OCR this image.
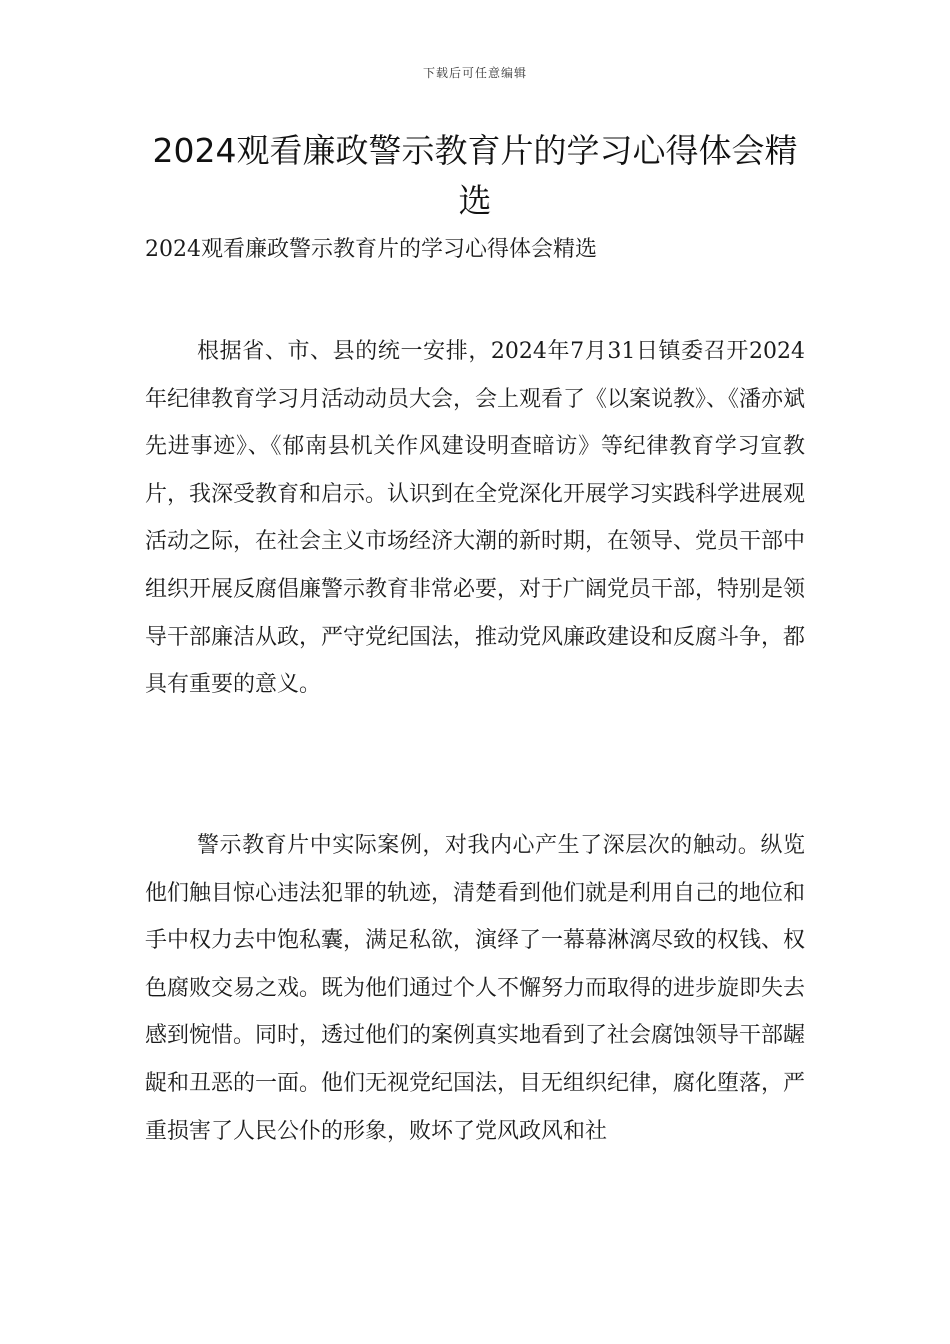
下载后可任意编辑
2024观看廉政警示教育片的学习心得体会精选

2024观看廉政警示教育片的学习心得体会精选

根据省、市、县的统一安排，2024年7月31日镇委召开2024年纪律教育学习月活动动员大会，会上观看了《以案说教》、《潘亦斌先进事迹》、《郁南县机关作风建设明查暗访》等纪律教育学习宣教片，我深受教育和启示。认识到在全党深化开展学习实践科学进展观活动之际，在社会主义市场经济大潮的新时期，在领导、党员干部中组织开展反腐倡廉警示教育非常必要，对于广阔党员干部，特别是领导干部廉洁从政，严守党纪国法，推动党风廉政建设和反腐斗争，都具有重要的意义。

警示教育片中实际案例，对我内心产生了深层次的触动。纵览他们触目惊心违法犯罪的轨迹，清楚看到他们就是利用自己的地位和手中权力去中饱私囊，满足私欲，演绎了一幕幕淋漓尽致的权钱、权色腐败交易之戏。既为他们通过个人不懈努力而取得的进步旋即失去感到惋惜。同时，透过他们的案例真实地看到了社会腐蚀领导干部龌龊和丑恶的一面。他们无视党纪国法，目无组织纪律，腐化堕落，严重损害了人民公仆的形象，败坏了党风政风和社
